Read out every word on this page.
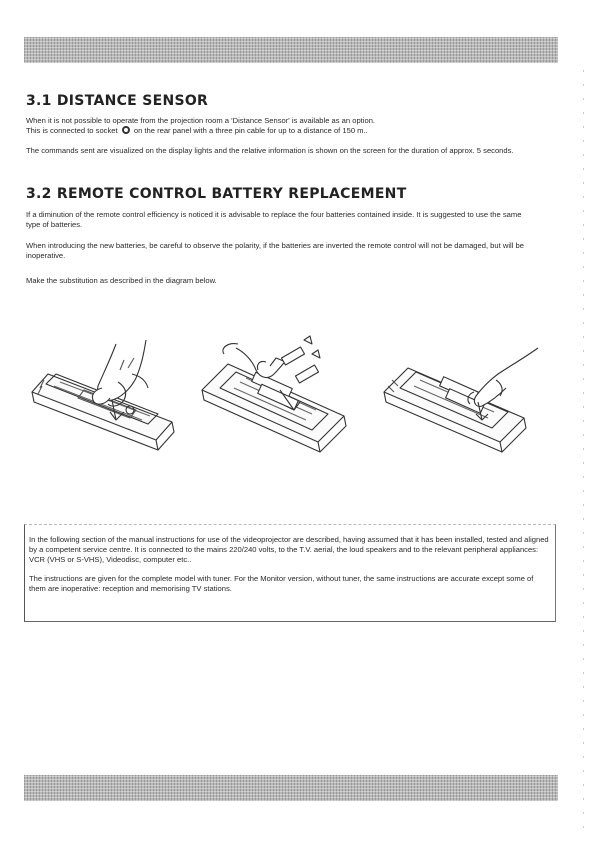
3.1 DISTANCE SENSOR

When it is not possible to operate from the projection room a 'Distance Sensor' is available as an option.

This is connected to socket on the rear panel with a three pin cable for up to a distance of 150 m..

The commands sent are visualized on the display lights and the relative information is shown on the screen for the duration of approx. 5 seconds.

3.2 REMOTE CONTROL BATTERY REPLACEMENT

If a diminution of the remote control efficiency is noticed it is advisable to replace the four batteries contained inside. It is suggested to use the same type of batteries.

When introducing the new batteries, be careful to observe the polarity, if the batteries are inverted the remote control will not be damaged, but will be inoperative.

Make the substitution as described in the diagram below.

In the following section of the manual instructions for use of the videoprojector are described, having assumed that it has been installed, tested and aligned by a competent service centre. It is connected to the mains 220/240 volts, to the T.V. aerial, the loud speakers and to the relevant peripheral appliances: VCR (VHS or S-VHS), Videodisc, computer etc..

The instructions are given for the complete model with tuner. For the Monitor version, without tuner, the same instructions are accurate except some of them are inoperative: reception and memorising TV stations.
